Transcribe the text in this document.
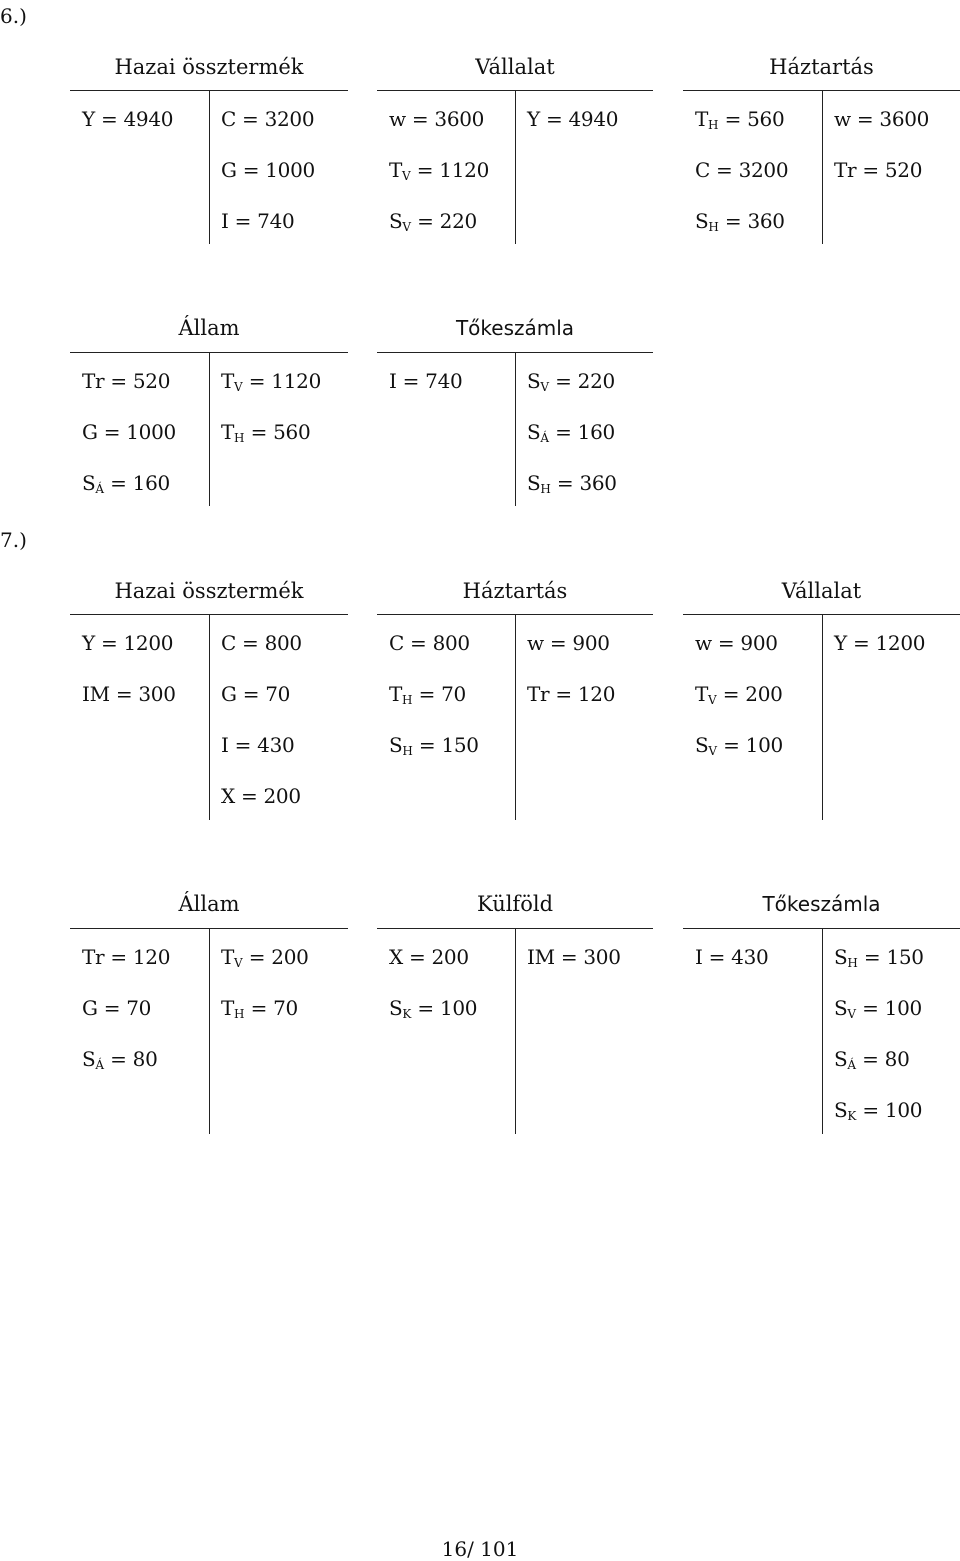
6.)
7.)
16/ 101
Hazai össztermék
Y = 4940 C = 3200
G = 1000
I = 740
Vállalat
w = 3600
$T_V = 1120$
$S_V = 220$
Y = 4940
Háztartás
$T_H = 560$
C = 3200
$S_H = 360$
w = 3600
Tr = 520
Állam
Tr = 520
G = 1000
$S_Á = 160$
$T_V = 1120$
$T_H = 560$
Tőkeszámla
I = 740	$S_V = 220$
$S_Á = 160$
$S_H = 360$
Hazai össztermék
Y = 1200
IM = 300
C = 800
G = 70
I = 430
X = 200
Háztartás
C = 800
$T_H = 70$
$S_H = 150$
w = 900
Tr = 120
Vállalat
w = 900
$T_V = 200$
$S_V = 100$
Y = 1200
Állam
Tr = 120
G = 70
$S_Á = 80$
$T_V = 200$
$T_H = 70$
Külföld
X = 200
$S_K = 100$
IM = 300
Tőkeszámla
I = 430	$S_H = 150$
$S_V = 100$
$S_Á = 80$
$S_K = 100$
